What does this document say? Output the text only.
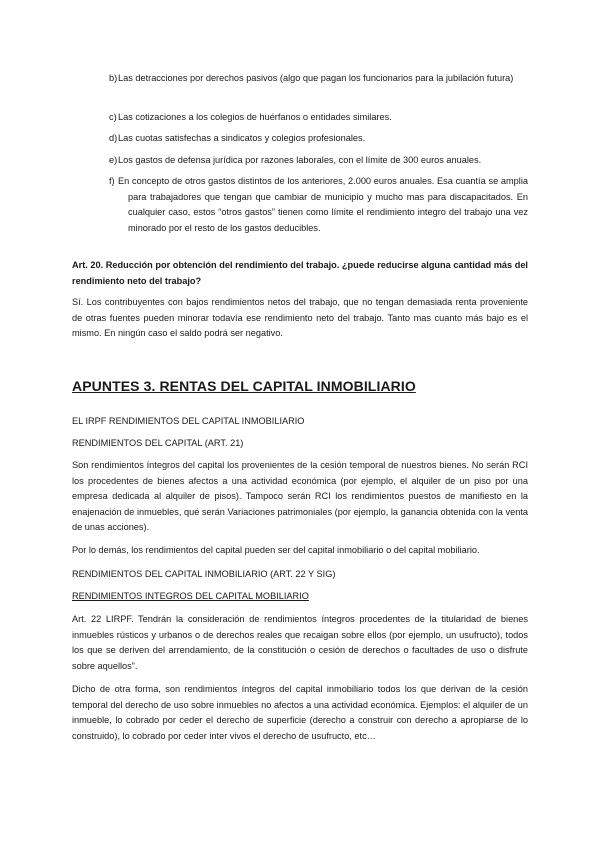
b) Las detracciones por derechos pasivos (algo que pagan los funcionarios para la jubilación futura)
c) Las cotizaciones a los colegios de huérfanos o entidades similares.
d) Las cuotas satisfechas a sindicatos y colegios profesionales.
e) Los gastos de defensa jurídica por razones laborales, con el límite de 300 euros anuales.
f) En concepto de otros gastos distintos de los anteriores, 2.000 euros anuales. Esa cuantía se amplia para trabajadores que tengan que cambiar de municipio y mucho mas para discapacitados. En cualquier caso, estos “otros gastos” tienen como límite el rendimiento integro del trabajo una vez minorado por el resto de los gastos deducibles.

Art. 20. Reducción por obtención del rendimiento del trabajo. ¿puede reducirse alguna cantidad más del rendimiento neto del trabajo?

Sí. Los contribuyentes con bajos rendimientos netos del trabajo, que no tengan demasiada renta proveniente de otras fuentes pueden minorar todavía ese rendimiento neto del trabajo. Tanto mas cuanto más bajo es el mismo. En ningún caso el saldo podrá ser negativo.

APUNTES 3. RENTAS DEL CAPITAL INMOBILIARIO
EL IRPF RENDIMIENTOS DEL CAPITAL INMOBILIARIO
RENDIMIENTOS DEL CAPITAL (ART. 21)

Son rendimientos íntegros del capital los provenientes de la cesión temporal de nuestros bienes. No serán RCI los procedentes de bienes afectos a una actividad económica (por ejemplo, el alquiler de un piso por una empresa dedicada al alquiler de pisos). Tampoco serán RCI los rendimientos puestos de manifiesto en la enajenación de inmuebles, qué serán Variaciones patrimoniales (por ejemplo, la ganancia obtenida con la venta de unas acciones).

Por lo demás, los rendimientos del capital pueden ser del capital inmobiliario o del capital mobiliario.

RENDIMIENTOS DEL CAPITAL INMOBILIARIO (ART. 22 Y SIG)
RENDIMIENTOS INTEGROS DEL CAPITAL MOBILIARIO

Art. 22 LIRPF. Tendrán la consideración de rendimientos íntegros procedentes de la titularidad de bienes inmuebles rústicos y urbanos o de derechos reales que recaigan sobre ellos (por ejemplo, un usufructo), todos los que se deriven del arrendamiento, de la constitución o cesión de derechos o facultades de uso o disfrute sobre aquellos”.

Dicho de otra forma, son rendimientos íntegros del capital inmobiliario todos los que derivan de la cesión temporal del derecho de uso sobre inmuebles no afectos a una actividad económica. Ejemplos: el alquiler de un inmueble, lo cobrado por ceder el derecho de superficie (derecho a construir con derecho a apropiarse de lo construido), lo cobrado por ceder inter vivos el derecho de usufructo, etc…
